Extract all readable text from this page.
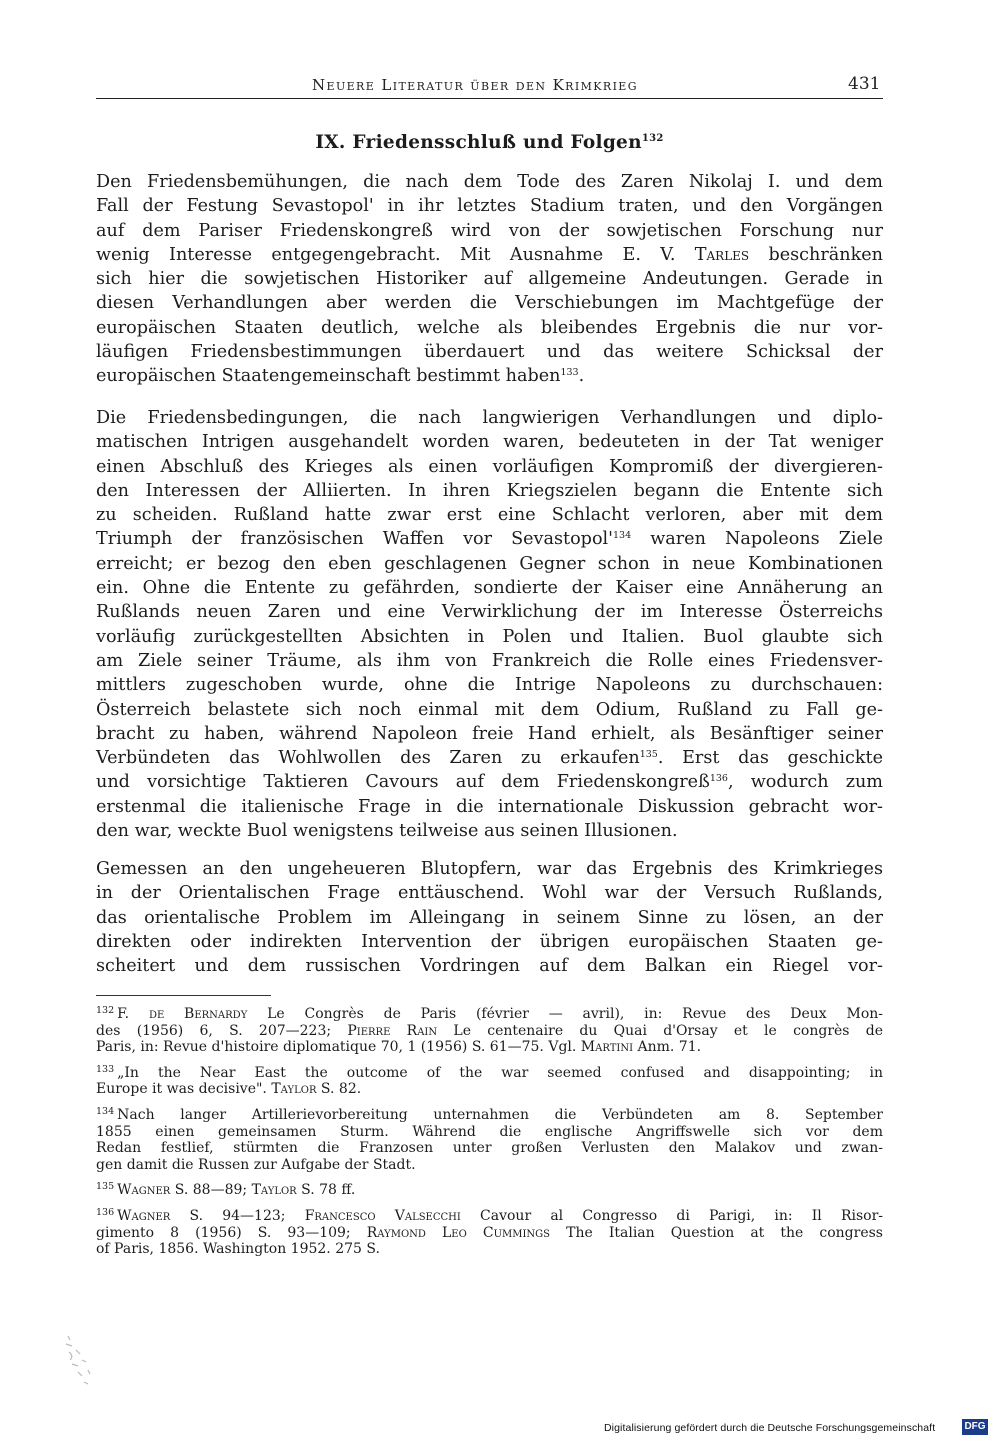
Neuere Literatur über den Krimkrieg	431
IX. Friedensschluß und Folgen$^{132}$
Den Friedensbemühungen, die nach dem Tode des Zaren Nikolaj I. und dem
Fall der Festung Sevastopol' in ihr letztes Stadium traten, und den Vorgängen
auf dem Pariser Friedenskongreß wird von der sowjetischen Forschung nur
wenig Interesse entgegengebracht. Mit Ausnahme E. V. Tarles beschränken
sich hier die sowjetischen Historiker auf allgemeine Andeutungen. Gerade in
diesen Verhandlungen aber werden die Verschiebungen im Machtgefüge der
europäischen Staaten deutlich, welche als bleibendes Ergebnis die nur vor-
läufigen Friedensbestimmungen überdauert und das weitere Schicksal der
europäischen Staatengemeinschaft bestimmt haben$^{133}$.
Die Friedensbedingungen, die nach langwierigen Verhandlungen und diplo-
matischen Intrigen ausgehandelt worden waren, bedeuteten in der Tat weniger
einen Abschluß des Krieges als einen vorläufigen Kompromiß der divergieren-
den Interessen der Alliierten. In ihren Kriegszielen begann die Entente sich
zu scheiden. Rußland hatte zwar erst eine Schlacht verloren, aber mit dem
Triumph der französischen Waffen vor $Sevastopol'^{134}$ waren Napoleons Ziele
erreicht; er bezog den eben geschlagenen Gegner schon in neue Kombinationen
ein. Ohne die Entente zu gefährden, sondierte der Kaiser eine Annäherung an
Rußlands neuen Zaren und eine Verwirklichung der im Interesse Österreichs
vorläufig zurückgestellten Absichten in Polen und Italien. Buol glaubte sich
am Ziele seiner Träume, als ihm von Frankreich die Rolle eines Friedensver-
mittlers zugeschoben wurde, ohne die Intrige Napoleons zu durchschauen:
Österreich belastete sich noch einmal mit dem Odium, Rußland zu Fall ge-
bracht zu haben, während Napoleon freie Hand erhielt, als Besänftiger seiner
Verbündeten das Wohlwollen des Zaren zu erkaufen$^{135}$. Erst das geschickte
und vorsichtige Taktieren Cavours auf dem Friedenskongreß$^{136}$, wodurch zum
erstenmal die italienische Frage in die internationale Diskussion gebracht wor-
den war, weckte Buol wenigstens teilweise aus seinen Illusionen.
Gemessen an den ungeheueren Blutopfern, war das Ergebnis des Krimkrieges
in der Orientalischen Frage enttäuschend. Wohl war der Versuch Rußlands,
das orientalische Problem im Alleingang in seinem Sinne zu lösen, an der
direkten oder indirekten Intervention der übrigen europäischen Staaten ge-
scheitert und dem russischen Vordringen auf dem Balkan ein Riegel vor-
$^{132}$ F. de Bernardy Le Congrès de Paris (février — avril), in: Revue des Deux Mon-
des (1956) 6, S. 207—223; Pierre Rain Le centenaire du Quai d'Orsay et le congrès de
Paris, in: Revue d'histoire diplomatique 70, 1 (1956) S. 61—75. Vgl. Martini Anm. 71.
$^{133}$ „In the Near East the outcome of the war seemed confused and disappointing; in
Europe it was decisive". Taylor S. 82.
$^{134}$ Nach langer Artillerievorbereitung unternahmen die Verbündeten am 8. September
1855 einen gemeinsamen Sturm. Während die englische Angriffswelle sich vor dem
Redan festlief, stürmten die Franzosen unter großen Verlusten den Malakov und zwan-
gen damit die Russen zur Aufgabe der Stadt.
$^{135}$ Wagner S. 88—89; Taylor S. 78 ff.
$^{136}$ Wagner S. 94—123; Francesco Valsecchi Cavour al Congresso di Parigi, in: Il Risor-
gimento 8 (1956) S. 93—109; Raymond Leo Cummings The Italian Question at the congress
of Paris, 1856. Washington 1952. 275 S.
Digitalisierung gefördert durch die Deutsche Forschungsgemeinschaft	DFG
